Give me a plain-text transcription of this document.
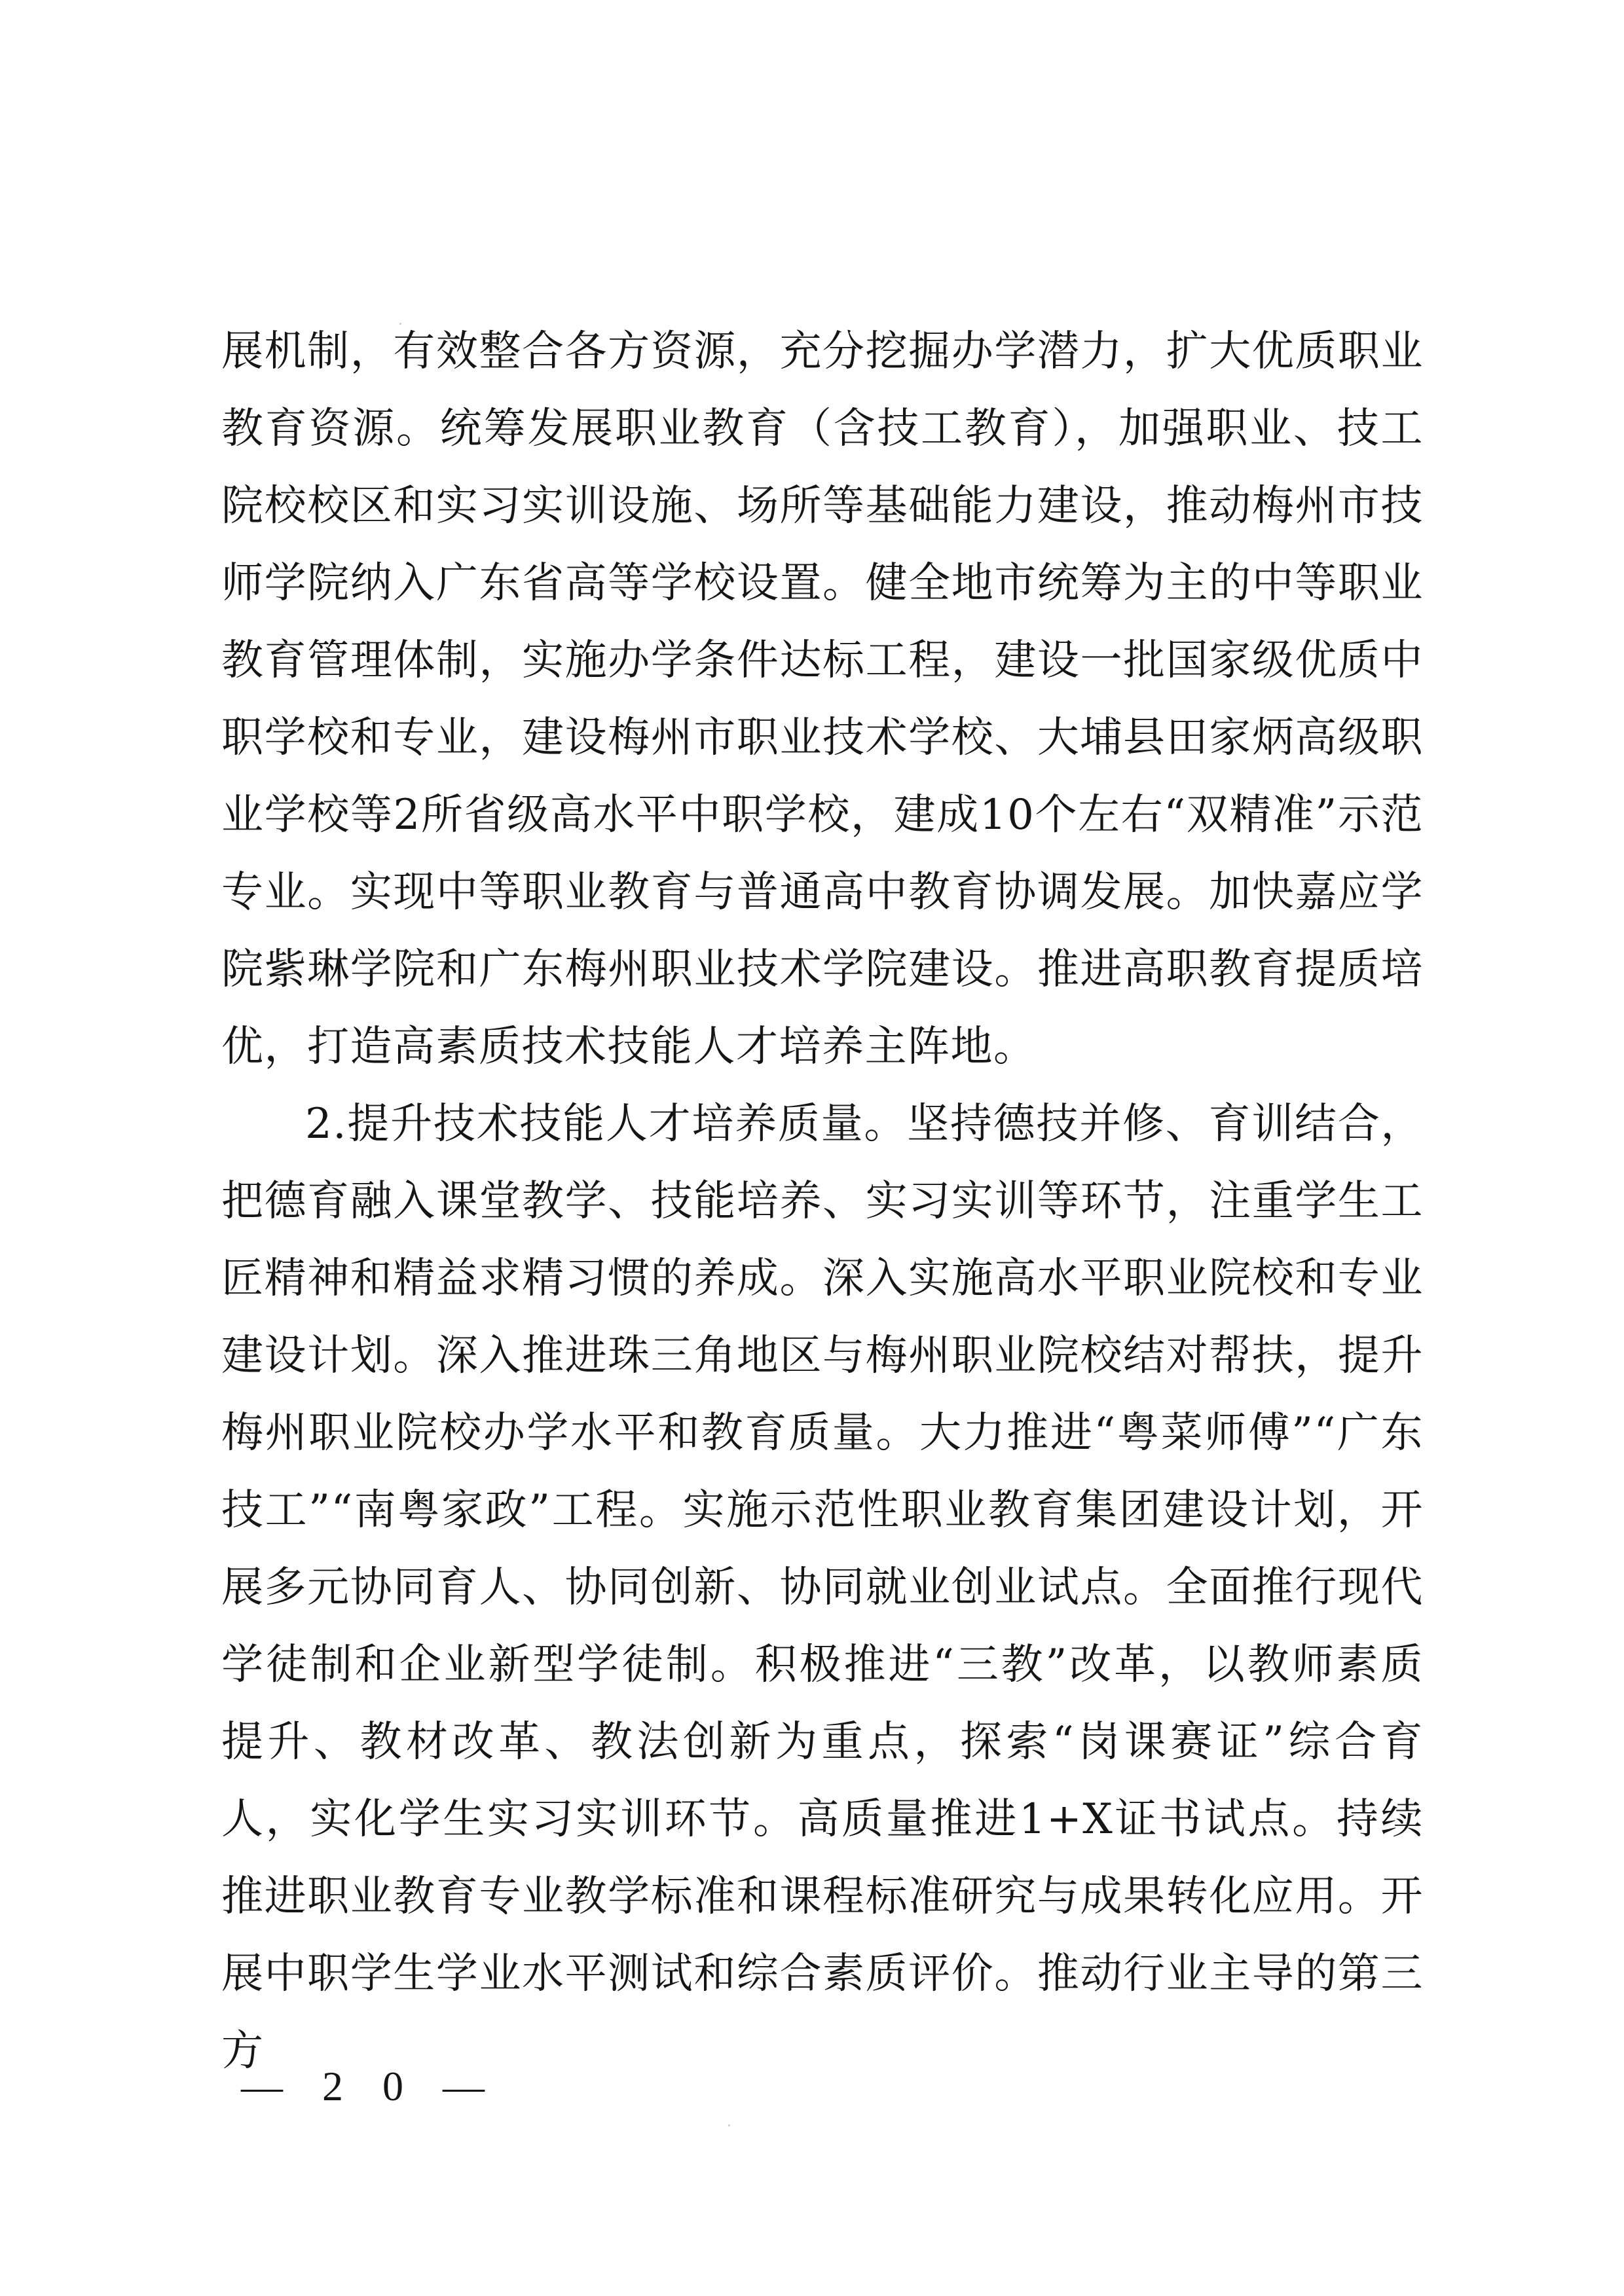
展机制，有效整合各方资源，充分挖掘办学潜力，扩大优质职业教育资源。统筹发展职业教育（含技工教育），加强职业、技工院校校区和实习实训设施、场所等基础能力建设，推动梅州市技师学院纳入广东省高等学校设置。健全地市统筹为主的中等职业教育管理体制，实施办学条件达标工程，建设一批国家级优质中职学校和专业，建设梅州市职业技术学校、大埔县田家炳高级职业学校等2所省级高水平中职学校，建成10个左右“双精准”示范专业。实现中等职业教育与普通高中教育协调发展。加快嘉应学院紫琳学院和广东梅州职业技术学院建设。推进高职教育提质培优，打造高素质技术技能人才培养主阵地。

2.提升技术技能人才培养质量。坚持德技并修、育训结合，把德育融入课堂教学、技能培养、实习实训等环节，注重学生工匠精神和精益求精习惯的养成。深入实施高水平职业院校和专业建设计划。深入推进珠三角地区与梅州职业院校结对帮扶，提升梅州职业院校办学水平和教育质量。大力推进“粤菜师傅”“广东技工”“南粤家政”工程。实施示范性职业教育集团建设计划，开展多元协同育人、协同创新、协同就业创业试点。全面推行现代学徒制和企业新型学徒制。积极推进“三教”改革，以教师素质提升、教材改革、教法创新为重点，探索“岗课赛证”综合育人，实化学生实习实训环节。高质量推进1+X证书试点。持续推进职业教育专业教学标准和课程标准研究与成果转化应用。开展中职学生学业水平测试和综合素质评价。推动行业主导的第三方

— 2 0 —
